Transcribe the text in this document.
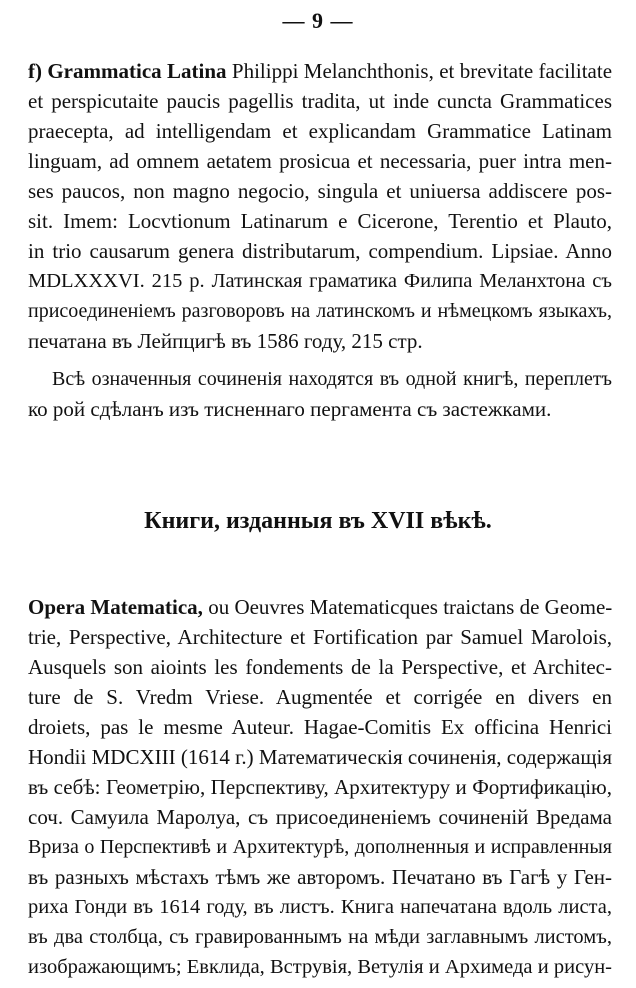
— 9 —
f) Grammatica Latina Philippi Melanchthonis, et brevitate facilitate
et perspicutaite paucis pagellis tradita, ut inde cuncta Grammatices
praecepta, ad intelligendam et explicandam Grammatice Latinam
linguam, ad omnem aetatem prosicua et necessaria, puer intra men-
ses paucos, non magno negocio, singula et uniuersa addiscere pos-
sit. Imem: Locvtionum Latinarum e Cicerone, Terentio et Plauto,
in trio causarum genera distributarum, compendium. Lipsiae. Anno
MDLXXXVI. 215 р. Латинская граматика Филипа Меланхтона съ
присоединеніемъ разговоровъ на латинскомъ и нѣмецкомъ языкахъ,
печатана въ Лейпцигѣ въ 1586 году, 215 стр.
Всѣ означенныя сочиненія находятся въ одной книгѣ, переплетъ
ко рой сдѣланъ изъ тисненнаго пергамента съ застежками.
Книги, изданныя въ XVII вѣкѣ.
Opera Matematica, ou Oeuvres Matematicques traictans de Geome-
trie, Perspective, Architecture et Fortification par Samuel Marolois,
Ausquels son aioints les fondements de la Perspective, et Architec-
ture de S. Vredm Vriese. Augmentée et corrigée en divers en
droiets, pas le mesme Auteur. Hagae-Comitis Ex officina Henrici
Hondii MDCXIII (1614 г.) Математическія сочиненія, содержащія
въ себѣ: Геометрію, Перспективу, Архитектуру и Фортификацію,
соч. Самуила Маролуа, съ присоединеніемъ сочиненій Вредама
Вриза о Перспективѣ и Архитектурѣ, дополненныя и исправленныя
въ разныхъ мѣстахъ тѣмъ же авторомъ. Печатано въ Гагѣ у Ген-
риха Гонди въ 1614 году, въ листъ. Книга напечатана вдоль листа,
въ два столбца, съ гравированнымъ на мѣди заглавнымъ листомъ,
изображающимъ; Евклида, Вструвія, Ветулія и Архимеда и рисун-
